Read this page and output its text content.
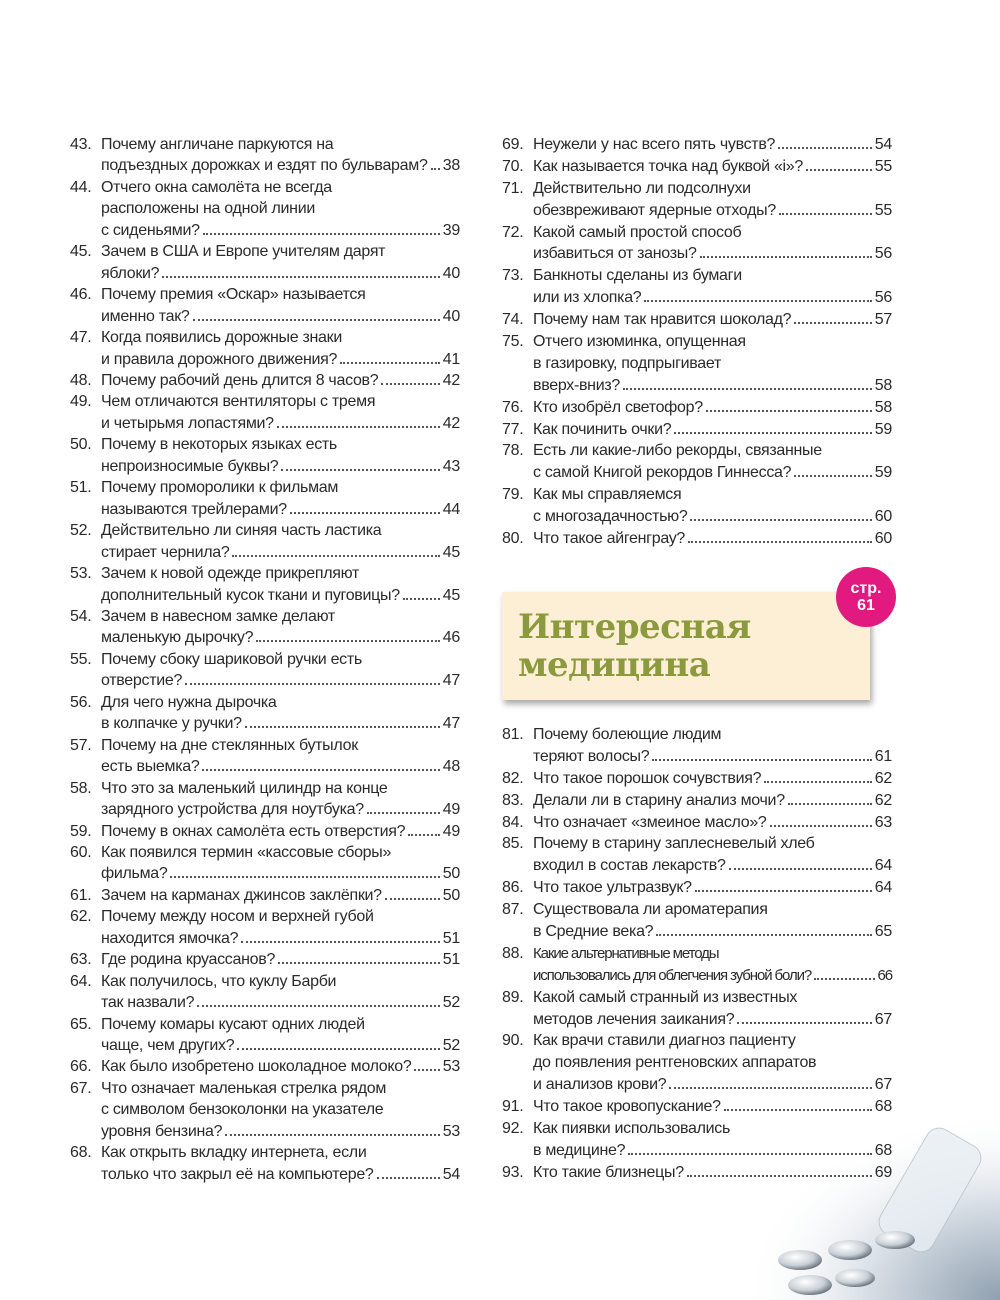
43. Почему англичане паркуются на
подъездных дорожках и ездят по бульварам? 38
44. Отчего окна самолёта не всегда
расположены на одной линии
с сиденьями?	39
45. Зачем в США и Европе учителям дарят
яблоки?	40
46. Почему премия «Оскар» называется
именно так?	40
47. Когда появились дорожные знаки
и правила дорожного движения?	41
48. Почему рабочий день длится 8 часов?	42
49. Чем отличаются вентиляторы с тремя
и четырьмя лопастями?	42
50. Почему в некоторых языках есть
непроизносимые буквы?	43
51. Почему проморолики к фильмам
называются трейлерами?	44
52. Действительно ли синяя часть ластика
стирает чернила?	45
53. Зачем к новой одежде прикрепляют
дополнительный кусок ткани и пуговицы?	45
54. Зачем в навесном замке делают
маленькую дырочку?	46
55. Почему сбоку шариковой ручки есть
отверстие?	47
56. Для чего нужна дырочка
в колпачке у ручки?	47
57. Почему на дне стеклянных бутылок
есть выемка?	48
58. Что это за маленький цилиндр на конце
зарядного устройства для ноутбука?	49
59. Почему в окнах самолёта есть отверстия? 49
60. Как появился термин «кассовые сборы»
фильма?	50
61. Зачем на карманах джинсов заклёпки?	50
62. Почему между носом и верхней губой
находится ямочка?	51
63. Где родина круассанов?	51
64. Как получилось, что куклу Барби
так назвали?	52
65. Почему комары кусают одних людей
чаще, чем других?	52
66. Как было изобретено шоколадное молоко? 53
67. Что означает маленькая стрелка рядом
с символом бензоколонки на указателе
уровня бензина?	53
68. Как открыть вкладку интернета, если
только что закрыл её на компьютере?	54
69. Неужели у нас всего пять чувств?	54
70. Как называется точка над буквой «i»?	55
71. Действительно ли подсолнухи
обезвреживают ядерные отходы?	55
72. Какой самый простой способ
избавиться от занозы?	56
73. Банкноты сделаны из бумаги
или из хлопка?	56
74. Почему нам так нравится шоколад?	57
75. Отчего изюминка, опущенная
в газировку, подпрыгивает
вверх-вниз?	58
76. Кто изобрёл светофор?	58
77. Как починить очки?	59
78. Есть ли какие-либо рекорды, связанные
с самой Книгой рекордов Гиннесса?	59
79. Как мы справляемся
с многозадачностью?	60
80. Что такое айгенграу?	60
Интересная
медицина
стр.
61
81. Почему болеющие людим
теряют волосы?	61
82. Что такое порошок сочувствия?	62
83. Делали ли в старину анализ мочи?	62
84. Что означает «змеиное масло»?	63
85. Почему в старину заплесневелый хлеб
входил в состав лекарств?	64
86. Что такое ультразвук?	64
87. Существовала ли ароматерапия
в Средние века?	65
88. Какие альтернативные методы
использовались для облегчения зубной боли?	66
89. Какой самый странный из известных
методов лечения заикания?	67
90. Как врачи ставили диагноз пациенту
до появления рентгеновских аппаратов
и анализов крови?	67
91. Что такое кровопускание?	68
92. Как пиявки использовались
в медицине?	68
93. Кто такие близнецы?	69
